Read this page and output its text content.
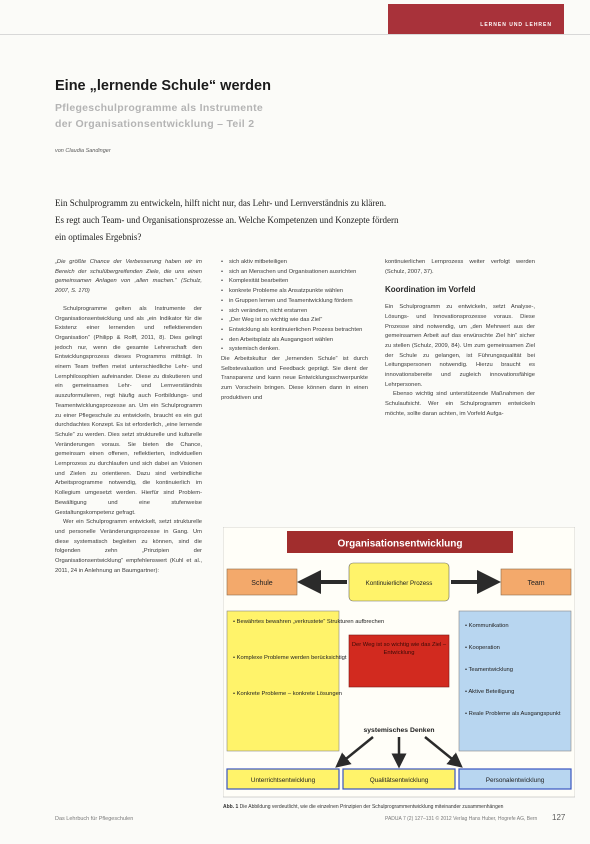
LERNEN UND LEHREN
Eine „lernende Schule“ werden
Pflegeschulprogramme als Instrumente
der Organisationsentwicklung – Teil 2
von Claudia Sandinger
Ein Schulprogramm zu entwickeln, hilft nicht nur, das Lehr- und Lernverständnis zu klären.
Es regt auch Team- und Organisationsprozesse an. Welche Kompetenzen und Konzepte fördern
ein optimales Ergebnis?

„Die größte Chance der Verbesserung haben wir im Bereich der schulübergreifenden Ziele, die uns einen gemeinsamen Anlagen von ,allen machen.“ (Schulz, 2007, S. 170)

Schulprogramme gelten als Instrumente der Organisationsentwicklung und als „ein Indikator für die Existenz einer lernenden und reflektierenden Organisation“ (Philipp & Rolff, 2011, 8). Dies gelingt jedoch nur, wenn die gesamte Lehrerschaft den Entwicklungsprozess dieses Programms mitträgt. In einem Team treffen meist unterschiedliche Lehr- und Lernphilosophien aufeinander. Diese zu diskutieren und ein gemeinsames Lehr- und Lernverständnis auszuformulieren, regt häufig auch Fortbildungs- und Teamentwicklungsprozesse an. Um ein Schulprogramm zu einer Pflegeschule zu entwickeln, braucht es ein gut durchdachtes Konzept. Es ist erforderlich, „eine lernende Schule“ zu werden. Dies setzt strukturelle und kulturelle Veränderungen voraus. Sie bieten die Chance, gemeinsam einen offenen, reflektierten, individuellen Lernprozess zu durchlaufen und sich dabei an Visionen und Zielen zu orientieren. Dazu sind verbindliche Arbeitsprogramme notwendig, die kontinuierlich im Kollegium umgesetzt werden. Hierfür sind Problem-Bewältigung und eine stufenweise Gestaltungskompetenz gefragt.

Wer ein Schulprogramm entwickelt, setzt strukturelle und personelle Veränderungsprozesse in Gang. Um diese systematisch begleiten zu können, sind die folgenden zehn „Prinzipien der Organisationsentwicklung“ empfehlenswert (Kuhl et al., 2011, 24 in Anlehnung an Baumgartner):

• sich aktiv mitbeteiligen
• sich an Menschen und Organisationen ausrichten
• Komplexität bearbeiten
• konkrete Probleme als Ansatzpunkte wählen
• in Gruppen lernen und Teamentwicklung fördern
• sich verändern, nicht erstarren
• „Der Weg ist so wichtig wie das Ziel“
• Entwicklung als kontinuierlichen Prozess betrachten
• den Arbeitsplatz als Ausgangsort wählen
• systemisch denken.

Die Arbeitskultur der „lernenden Schule“ ist durch Selbstevaluation und Feedback geprägt. Sie dient der Transparenz und kann neue Entwicklungsschwerpunkte zum Vorschein bringen. Diese können dann in einen produktiven und

kontinuierlichen Lernprozess weiter verfolgt werden (Schulz, 2007, 37).

Koordination im Vorfeld

Ein Schulprogramm zu entwickeln, setzt Analyse-, Lösungs- und Innovationsprozesse voraus. Diese Prozesse sind notwendig, um „den Mehrwert aus der gemeinsamen Arbeit auf das erwünschte Ziel hin“ sicher zu stellen (Schulz, 2009, 84). Um zum gemeinsamen Ziel der Schule zu gelangen, ist Führungsqualität bei Leitungspersonen notwendig. Hierzu braucht es innovationsbereite und zugleich innovationsfähige Lehrpersonen.

Ebenso wichtig sind unterstützende Maßnahmen der Schulaufsicht. Wer ein Schulprogramm entwickeln möchte, sollte daran achten, im Vorfeld Aufga-

Organisationsentwicklung
Schule	Team
Kontinuierlicher Prozess
• Bewährtes bewahren „verkrustete“ Strukturen aufbrechen
• Komplexe Probleme werden berücksichtigt
• Konkrete Probleme – konkrete Lösungen
• Kommunikation
• Kooperation
• Teamentwicklung
• Aktive Beteiligung
• Reale Probleme als Ausgangspunkt
Der Weg ist so wichtig wie das Ziel – Entwicklung
systemisches Denken
Unterrichtsentwicklung	Qualitätsentwicklung	Personalentwicklung
Abb. 1 Die Abbildung verdeutlicht, wie die einzelnen Prinzipien der Schulprogrammentwicklung miteinander zusammenhängen
Das Lehrbuch für Pflegeschulen	PADUA 7 (2) 127–131 © 2012 Verlag Hans Huber, Hogrefe AG, Bern 127
